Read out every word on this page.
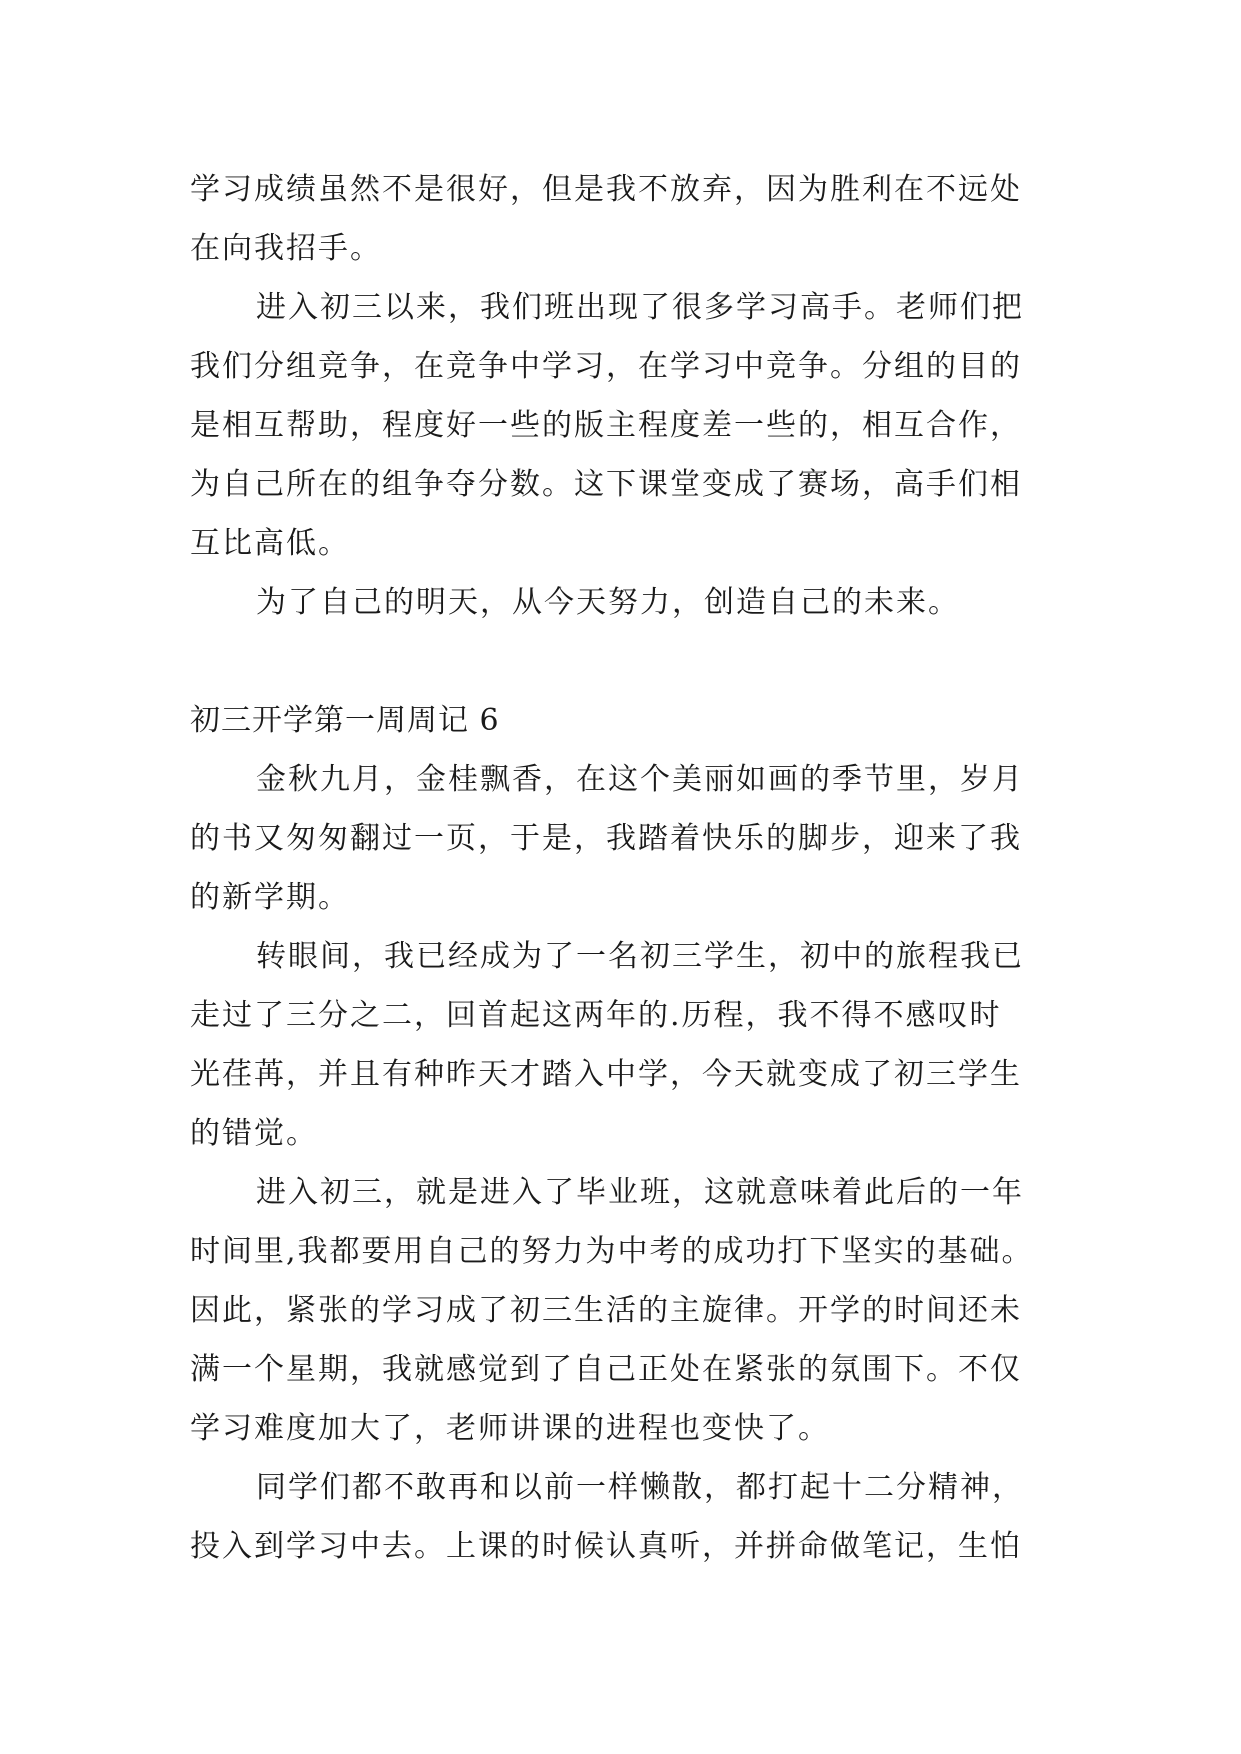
学习成绩虽然不是很好，但是我不放弃，因为胜利在不远处
在向我招手。
进入初三以来，我们班出现了很多学习高手。老师们把
我们分组竞争，在竞争中学习，在学习中竞争。分组的目的
是相互帮助，程度好一些的版主程度差一些的，相互合作，
为自己所在的组争夺分数。这下课堂变成了赛场，高手们相
互比高低。
为了自己的明天，从今天努力，创造自己的未来。
初三开学第一周周记 6
金秋九月，金桂飘香，在这个美丽如画的季节里，岁月
的书又匆匆翻过一页，于是，我踏着快乐的脚步，迎来了我
的新学期。
转眼间，我已经成为了一名初三学生，初中的旅程我已
走过了三分之二，回首起这两年的.历程，我不得不感叹时
光荏苒，并且有种昨天才踏入中学，今天就变成了初三学生
的错觉。
进入初三，就是进入了毕业班，这就意味着此后的一年
时间里,我都要用自己的努力为中考的成功打下坚实的基础。
因此，紧张的学习成了初三生活的主旋律。开学的时间还未
满一个星期，我就感觉到了自己正处在紧张的氛围下。不仅
学习难度加大了，老师讲课的进程也变快了。
同学们都不敢再和以前一样懒散，都打起十二分精神，
投入到学习中去。上课的时候认真听，并拼命做笔记，生怕
